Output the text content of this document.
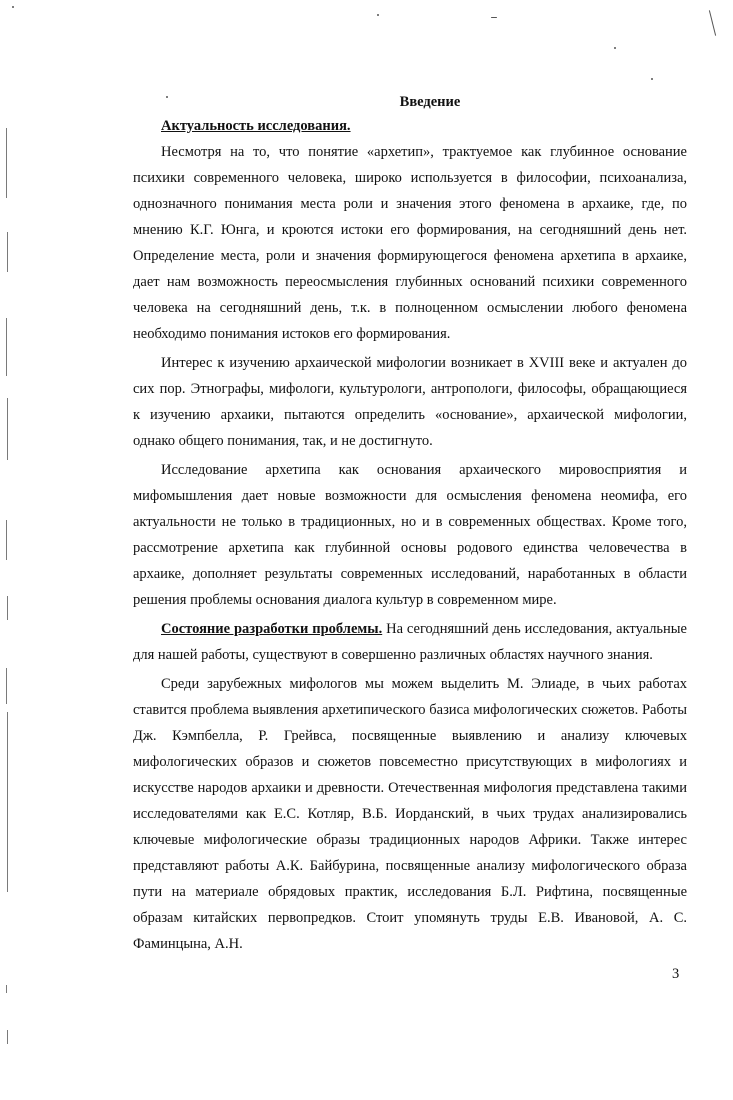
Введение
Актуальность исследования.

Несмотря на то, что понятие «архетип», трактуемое как глубинное основание психики современного человека, широко используется в философии, психоанализа, однозначного понимания места роли и значения этого феномена в архаике, где, по мнению К.Г. Юнга, и кроются истоки его формирования, на сегодняшний день нет. Определение места, роли и значения формирующегося феномена архетипа в архаике, дает нам возможность переосмысления глубинных оснований психики современного человека на сегодняшний день, т.к. в полноценном осмыслении любого феномена необходимо понимания истоков его формирования.

Интерес к изучению архаической мифологии возникает в XVIII веке и актуален до сих пор. Этнографы, мифологи, культурологи, антропологи, философы, обращающиеся к изучению архаики, пытаются определить «основание», архаической мифологии, однако общего понимания, так, и не достигнуто.

Исследование архетипа как основания архаического мировосприятия и мифомышления дает новые возможности для осмысления феномена неомифа, его актуальности не только в традиционных, но и в современных обществах. Кроме того, рассмотрение архетипа как глубинной основы родового единства человечества в архаике, дополняет результаты современных исследований, наработанных в области решения проблемы основания диалога культур в современном мире.

Состояние разработки проблемы. На сегодняшний день исследования, актуальные для нашей работы, существуют в совершенно различных областях научного знания.

Среди зарубежных мифологов мы можем выделить М. Элиаде, в чьих работах ставится проблема выявления архетипического базиса мифологических сюжетов. Работы Дж. Кэмпбелла, Р. Грейвса, посвященные выявлению и анализу ключевых мифологических образов и сюжетов повсеместно присутствующих в мифологиях и искусстве народов архаики и древности. Отечественная мифология представлена такими исследователями как Е.С. Котляр, В.Б. Иорданский, в чьих трудах анализировались ключевые мифологические образы традиционных народов Африки. Также интерес представляют работы А.К. Байбурина, посвященные анализу мифологического образа пути на материале обрядовых практик, исследования Б.Л. Рифтина, посвященные образам китайских первопредков. Стоит упомянуть труды Е.В. Ивановой, А. С. Фаминцына, А.Н.

3
